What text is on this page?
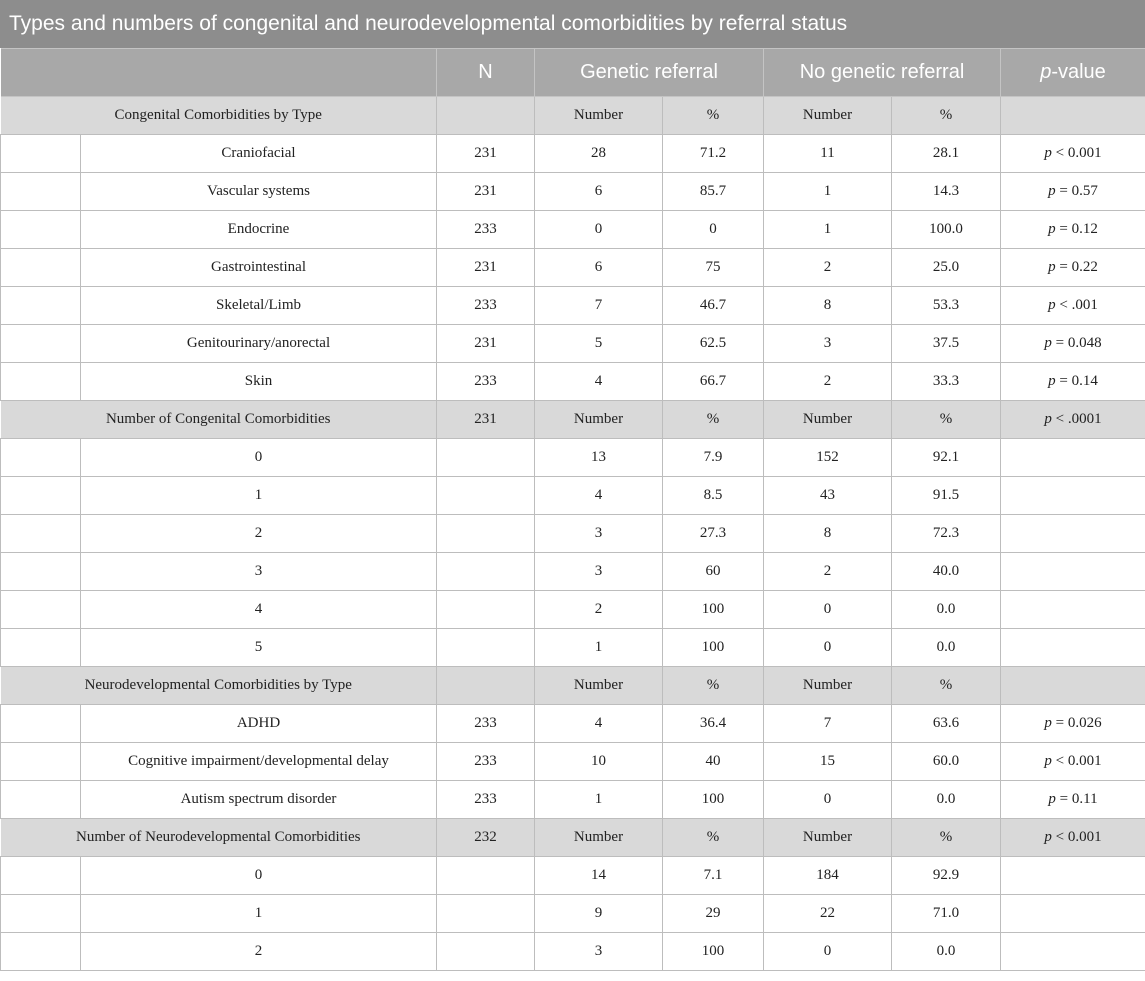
Types and numbers of congenital and neurodevelopmental comorbidities by referral status
		N	Genetic referral		No genetic referral		p-value
Congenital Comorbidities by Type			Number	%	Number	%	
	Craniofacial	231	28	71.2	11	28.1	p < 0.001
	Vascular systems	231	6	85.7	1	14.3	p = 0.57
	Endocrine	233	0	0	1	100.0	p = 0.12
	Gastrointestinal	231	6	75	2	25.0	p = 0.22
	Skeletal/Limb	233	7	46.7	8	53.3	p < .001
	Genitourinary/anorectal	231	5	62.5	3	37.5	p = 0.048
	Skin	233	4	66.7	2	33.3	p = 0.14
Number of Congenital Comorbidities		231	Number	%	Number	%	p < .0001
	0		13	7.9	152	92.1	
	1		4	8.5	43	91.5	
	2		3	27.3	8	72.3	
	3		3	60	2	40.0	
	4		2	100	0	0.0	
	5		1	100	0	0.0	
Neurodevelopmental Comorbidities by Type			Number	%	Number	%	
	ADHD	233	4	36.4	7	63.6	p = 0.026
	Cognitive impairment/developmental delay	233	10	40	15	60.0	p < 0.001
	Autism spectrum disorder	233	1	100	0	0.0	p = 0.11
Number of Neurodevelopmental Comorbidities		232	Number	%	Number	%	p < 0.001
	0		14	7.1	184	92.9	
	1		9	29	22	71.0	
	2		3	100	0	0.0	
